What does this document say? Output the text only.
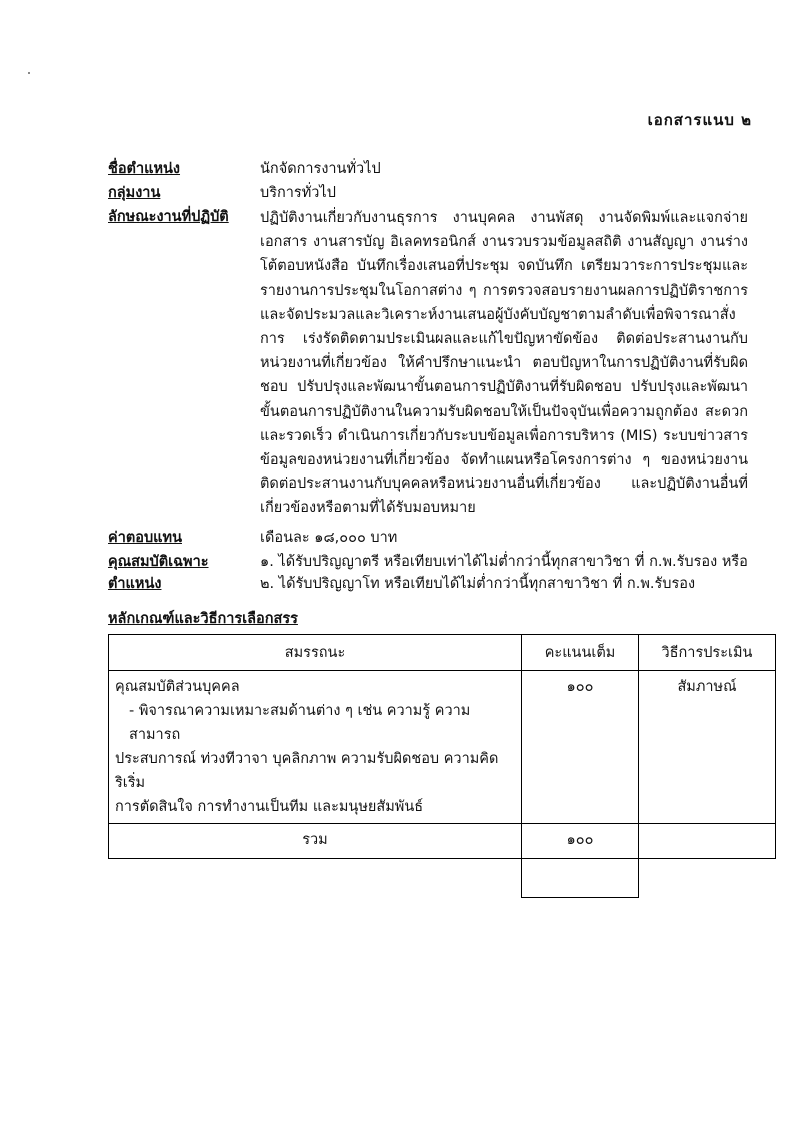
เอกสารแนบ ๒
ชื่อตำแหน่ง	นักจัดการงานทั่วไป
กลุ่มงาน	บริการทั่วไป
ลักษณะงานที่ปฏิบัติ	ปฏิบัติงานเกี่ยวกับงานธุรการ งานบุคคล งานพัสดุ งานจัดพิมพ์และแจกจ่ายเอกสาร งานสารบัญ อิเลคทรอนิกส์ งานรวบรวมข้อมูลสถิติ งานสัญญา งานร่างโต้ตอบหนังสือ บันทึกเรื่องเสนอที่ประชุม จดบันทึก เตรียมวาระการประชุมและรายงานการประชุมในโอกาสต่าง ๆ การตรวจสอบรายงานผลการปฏิบัติราชการและจัดประมวลและวิเคราะห์งานเสนอผู้บังคับบัญชาตามลำดับเพื่อพิจารณาสั่งการ เร่งรัดติดตามประเมินผลและแก้ไขปัญหาขัดข้อง ติดต่อประสานงานกับหน่วยงานที่เกี่ยวข้อง ให้คำปรึกษาแนะนำ ตอบปัญหาในการปฏิบัติงานที่รับผิดชอบ ปรับปรุงและพัฒนาขั้นตอนการปฏิบัติงานที่รับผิดชอบ ปรับปรุงและพัฒนาขั้นตอนการปฏิบัติงานในความรับผิดชอบให้เป็นปัจจุบันเพื่อความถูกต้อง สะดวกและรวดเร็ว ดำเนินการเกี่ยวกับระบบข้อมูลเพื่อการบริหาร (MIS) ระบบข่าวสารข้อมูลของหน่วยงานที่เกี่ยวข้อง จัดทำแผนหรือโครงการต่าง ๆ ของหน่วยงาน ติดต่อประสานงานกับบุคคลหรือหน่วยงานอื่นที่เกี่ยวข้อง และปฏิบัติงานอื่นที่เกี่ยวข้องหรือตามที่ได้รับมอบหมาย

ค่าตอบแทน	เดือนละ ๑๘,๐๐๐ บาท
คุณสมบัติเฉพาะตำแหน่ง
๑. ได้รับปริญญาตรี หรือเทียบเท่าได้ไม่ต่ำกว่านี้ทุกสาขาวิชา ที่ ก.พ.รับรอง หรือ
๒. ได้รับปริญญาโท หรือเทียบได้ไม่ต่ำกว่านี้ทุกสาขาวิชา ที่ ก.พ.รับรอง
หลักเกณฑ์และวิธีการเลือกสรร
สมรรถนะ	คะแนนเต็ม	วิธีการประเมิน

คุณสมบัติส่วนบุคคล
- พิจารณาความเหมาะสมด้านต่าง ๆ เช่น ความรู้ ความสามารถ
ประสบการณ์ ท่วงทีวาจา บุคลิกภาพ ความรับผิดชอบ ความคิดริเริ่ม
การตัดสินใจ การทำงานเป็นทีม และมนุษยสัมพันธ์	๑๐๐	สัมภาษณ์
รวม	๑๐๐	
